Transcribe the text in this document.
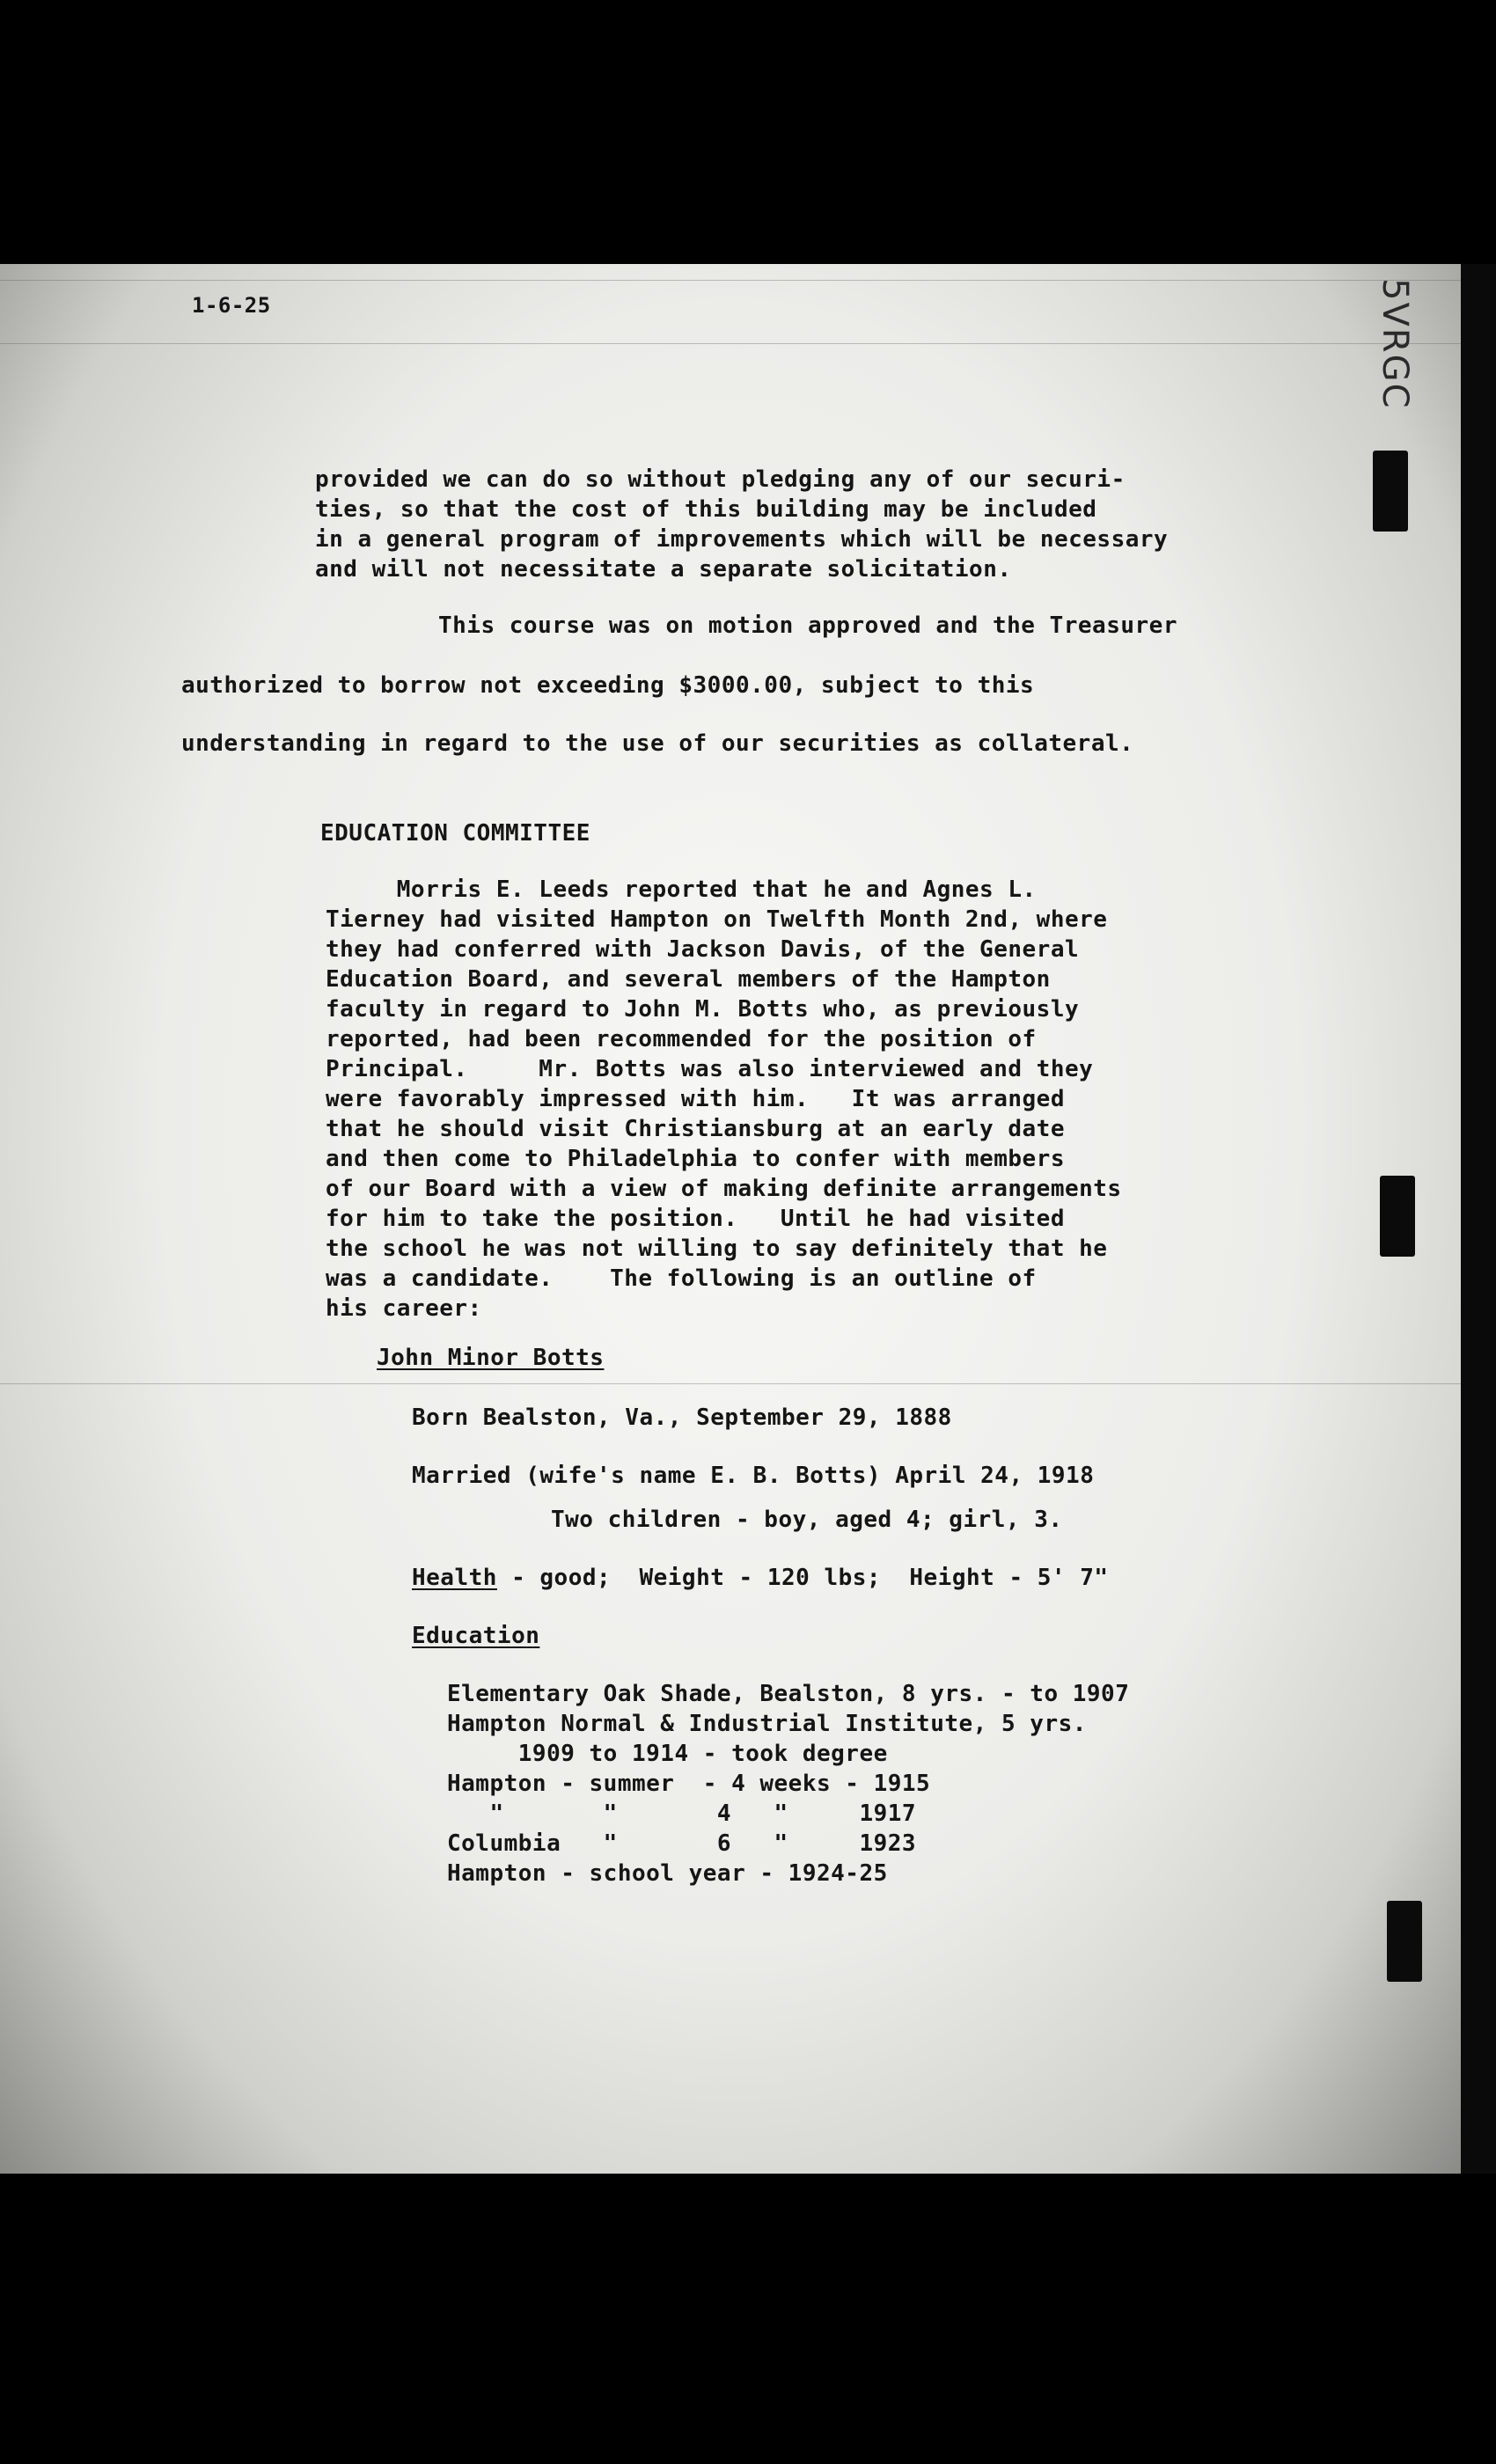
1-6-25	5VRGC
provided we can do so without pledging any of our securi-
ties, so that the cost of this building may be included
in a general program of improvements which will be necessary
and will not necessitate a separate solicitation.
This course was on motion approved and the Treasurer
authorized to borrow not exceeding $3000.00, subject to this
understanding in regard to the use of our securities as collateral.
EDUCATION COMMITTEE
Morris E. Leeds reported that he and Agnes L.
Tierney had visited Hampton on Twelfth Month 2nd, where
they had conferred with Jackson Davis, of the General
Education Board, and several members of the Hampton
faculty in regard to John M. Botts who, as previously
reported, had been recommended for the position of
Principal.     Mr. Botts was also interviewed and they
were favorably impressed with him.   It was arranged
that he should visit Christiansburg at an early date
and then come to Philadelphia to confer with members
of our Board with a view of making definite arrangements
for him to take the position.   Until he had visited
the school he was not willing to say definitely that he
was a candidate.    The following is an outline of
his career:
John Minor Botts
Born Bealston, Va., September 29, 1888
Married (wife's name E. B. Botts) April 24, 1918
Two children - boy, aged 4; girl, 3.
Health - good;  Weight - 120 lbs;  Height - 5' 7"
Education
Elementary Oak Shade, Bealston, 8 yrs. - to 1907
Hampton Normal & Industrial Institute, 5 yrs.
1909 to 1914 - took degree
Hampton - summer  - 4 weeks - 1915
"       "       4   "     1917
Columbia   "       6   "     1923
Hampton - school year - 1924-25
